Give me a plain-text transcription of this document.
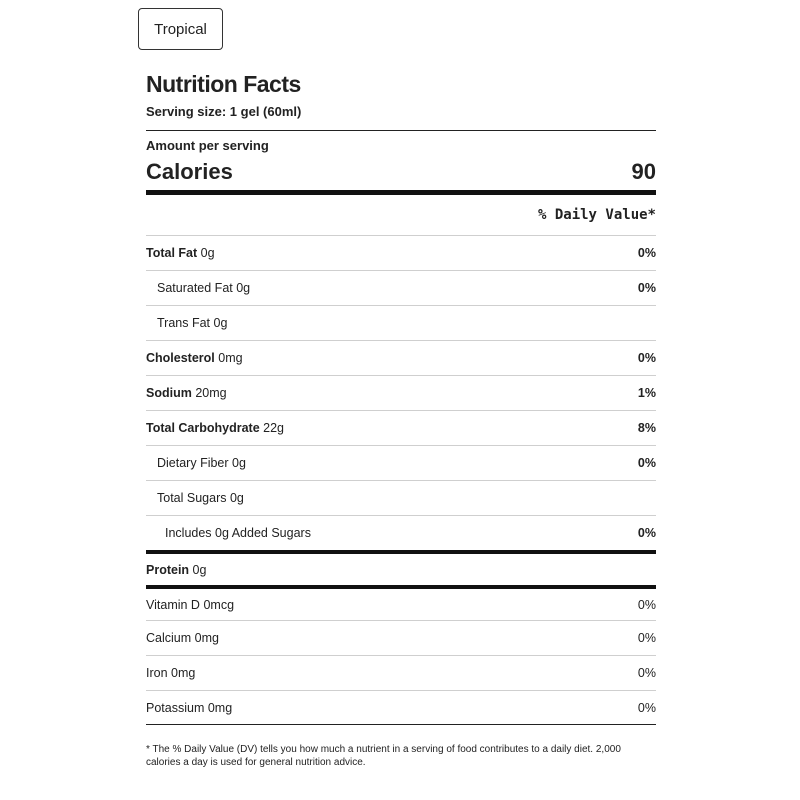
Tropical
Nutrition Facts
Serving size: 1 gel (60ml)
Amount per serving
Calories	90
% Daily Value*
Total Fat 0g	0%
Saturated Fat 0g	0%
Trans Fat 0g
Cholesterol 0mg	0%
Sodium 20mg	1%
Total Carbohydrate 22g	8%
Dietary Fiber 0g	0%
Total Sugars 0g
Includes 0g Added Sugars	0%
Protein 0g
Vitamin D 0mcg	0%
Calcium 0mg	0%
Iron 0mg	0%
Potassium 0mg	0%
* The % Daily Value (DV) tells you how much a nutrient in a serving of food contributes to a daily diet. 2,000 calories a day is used for general nutrition advice.
